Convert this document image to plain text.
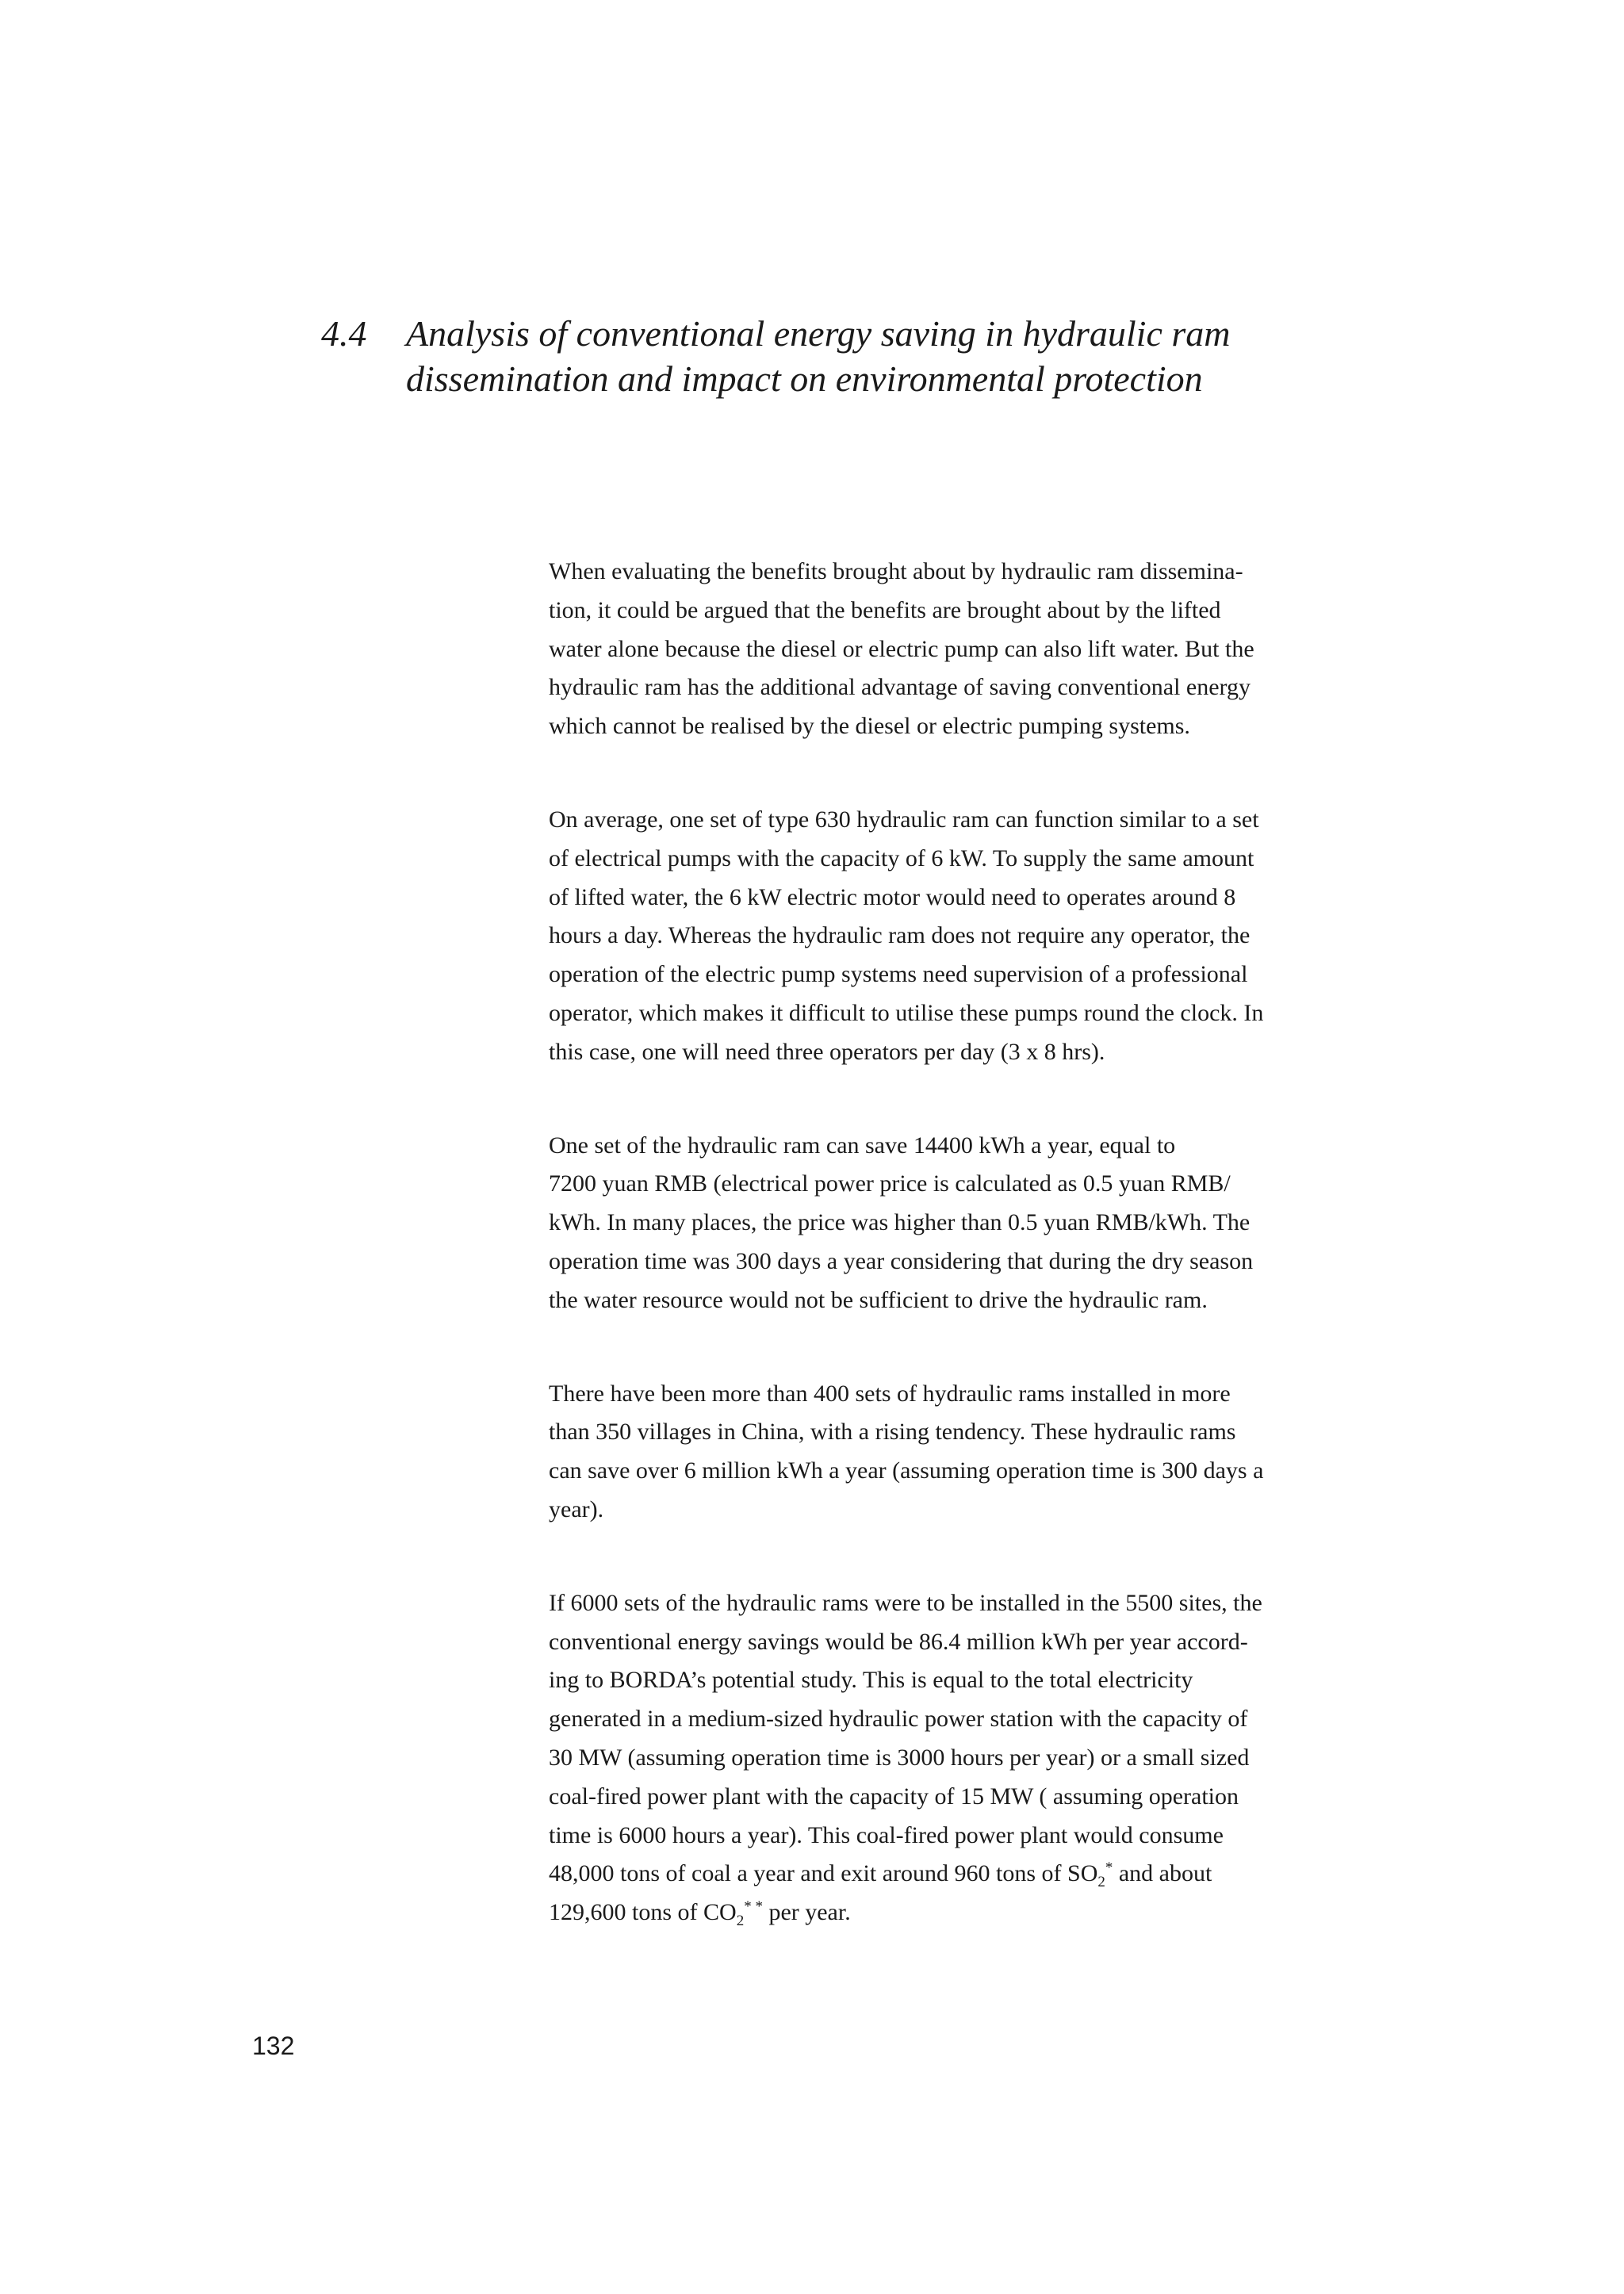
4.4	Analysis of conventional energy saving in hydraulic ram
dissemination and impact on environmental protection

When evaluating the benefits brought about by hydraulic ram dissemina-
tion, it could be argued that the benefits are brought about by the lifted
water alone because the diesel or electric pump can also lift water. But the
hydraulic ram has the additional advantage of saving conventional energy
which cannot be realised by the diesel or electric pumping systems.

On average, one set of type 630 hydraulic ram can function similar to a set
of electrical pumps with the capacity of 6 kW. To supply the same amount
of lifted water, the 6 kW electric motor would need to operates around 8
hours a day. Whereas the hydraulic ram does not require any operator, the
operation of the electric pump systems need supervision of a professional
operator, which makes it difficult to utilise these pumps round the clock. In
this case, one will need three operators per day (3 x 8 hrs).

One set of the hydraulic ram can save 14400 kWh a year, equal to
7200 yuan RMB (electrical power price is calculated as 0.5 yuan RMB/
kWh. In many places, the price was higher than 0.5 yuan RMB/kWh. The
operation time was 300 days a year considering that during the dry season
the water resource would not be sufficient to drive the hydraulic ram.

There have been more than 400 sets of hydraulic rams installed in more
than 350 villages in China, with a rising tendency. These hydraulic rams
can save over 6 million kWh a year (assuming operation time is 300 days a
year).

If 6000 sets of the hydraulic rams were to be installed in the 5500 sites, the
conventional energy savings would be 86.4 million kWh per year accord-
ing to BORDA’s potential study. This is equal to the total electricity
generated in a medium-sized hydraulic power station with the capacity of
30 MW (assuming operation time is 3000 hours per year) or a small sized
coal-fired power plant with the capacity of 15 MW ( assuming operation
time is 6000 hours a year). This coal-fired power plant would consume
48,000 tons of coal a year and exit around 960 tons of $SO_2^*$ and about
129,600 tons of $CO_2^{* *}$ per year.

132
